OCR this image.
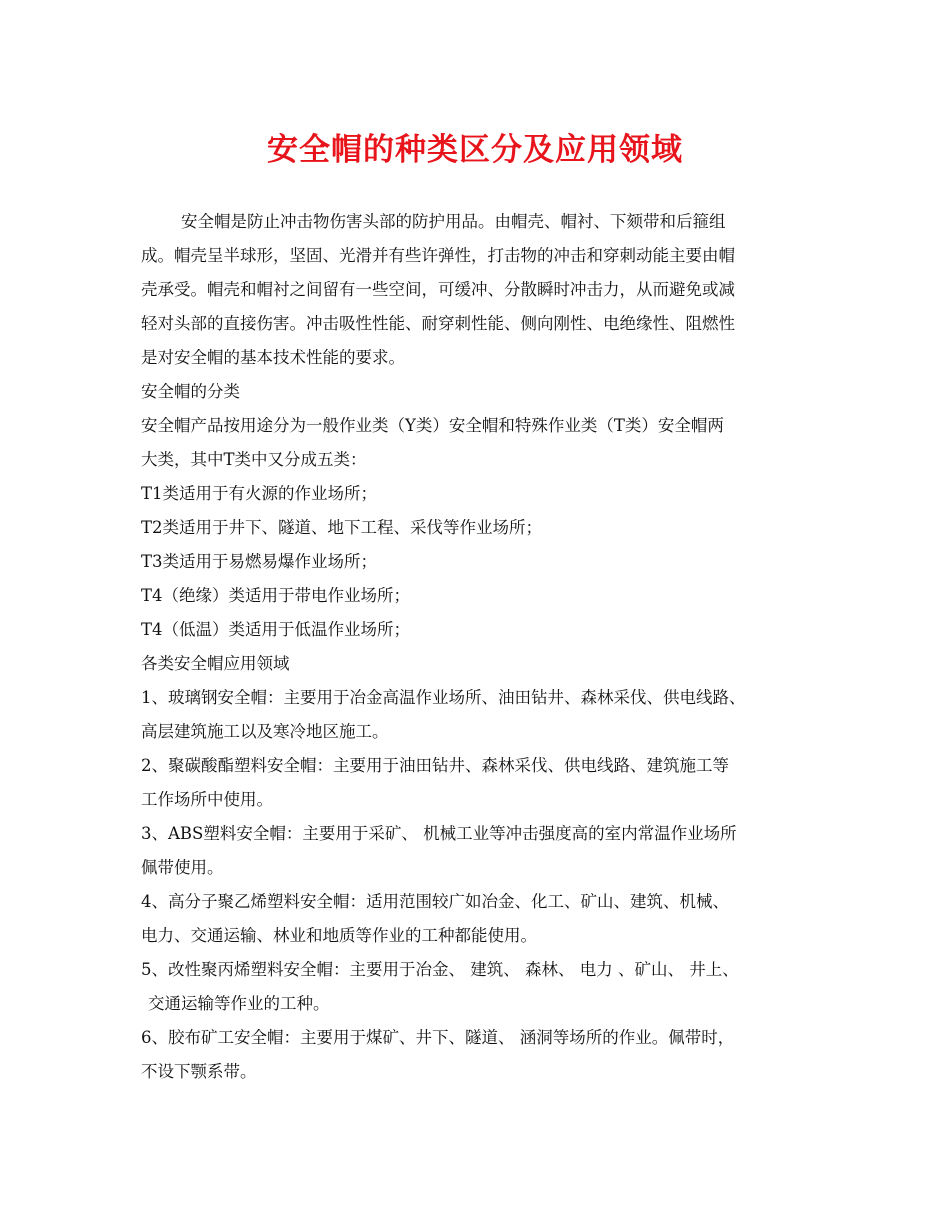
安全帽的种类区分及应用领域

安全帽是防止冲击物伤害头部的防护用品。由帽壳、帽衬、下颏带和后箍组

成。帽壳呈半球形，坚固、光滑并有些许弹性，打击物的冲击和穿刺动能主要由帽

壳承受。帽壳和帽衬之间留有一些空间，可缓冲、分散瞬时冲击力，从而避免或减

轻对头部的直接伤害。冲击吸性性能、耐穿刺性能、侧向刚性、电绝缘性、阻燃性

是对安全帽的基本技术性能的要求。

安全帽的分类

安全帽产品按用途分为一般作业类（Y类）安全帽和特殊作业类（T类）安全帽两

大类，其中T类中又分成五类：

T1类适用于有火源的作业场所；

T2类适用于井下、隧道、地下工程、采伐等作业场所；

T3类适用于易燃易爆作业场所；

T4（绝缘）类适用于带电作业场所；

T4（低温）类适用于低温作业场所；

各类安全帽应用领域

1、玻璃钢安全帽：主要用于冶金高温作业场所、油田钻井、森林采伐、供电线路、

高层建筑施工以及寒冷地区施工。

2、聚碳酸酯塑料安全帽：主要用于油田钻井、森林采伐、供电线路、建筑施工等

工作场所中使用。

3、ABS塑料安全帽：主要用于采矿、 机械工业等冲击强度高的室内常温作业场所

佩带使用。

4、高分子聚乙烯塑料安全帽：适用范围较广如冶金、化工、矿山、建筑、机械、

电力、交通运输、林业和地质等作业的工种都能使用。

5、改性聚丙烯塑料安全帽：主要用于冶金、 建筑、 森林、 电力 、矿山、 井上、

交通运输等作业的工种。

6、胶布矿工安全帽：主要用于煤矿、井下、隧道、 涵洞等场所的作业。佩带时，

不设下颚系带。
